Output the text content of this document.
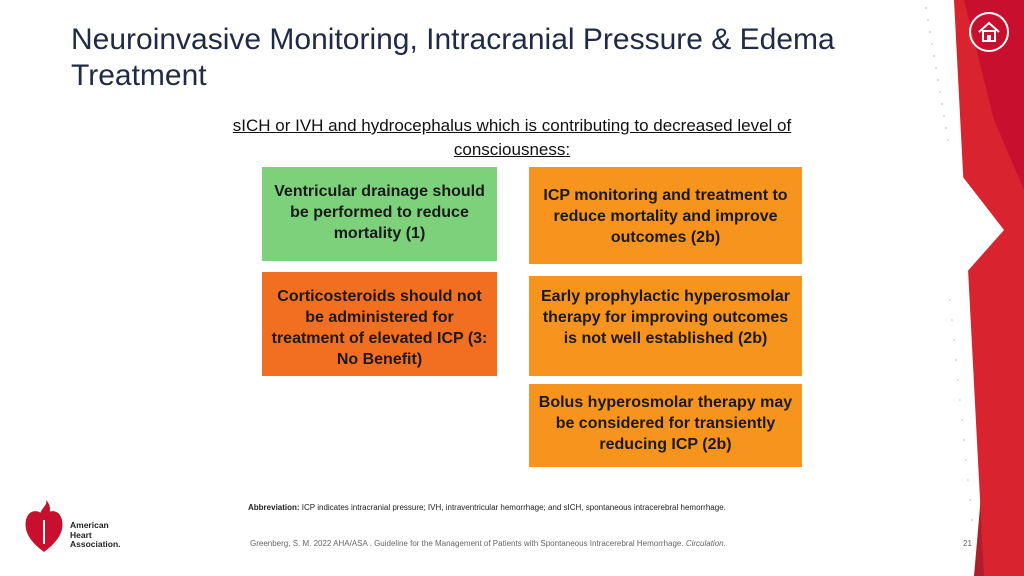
Neuroinvasive Monitoring, Intracranial Pressure & Edema Treatment
sICH or IVH and hydrocephalus which is contributing to decreased level of consciousness:
Ventricular drainage should be performed to reduce mortality (1)
ICP monitoring and treatment to reduce mortality and improve outcomes (2b)
Corticosteroids should not be administered for treatment of elevated ICP (3: No Benefit)
Early prophylactic hyperosmolar therapy for improving outcomes is not well established (2b)
Bolus hyperosmolar therapy may be considered for transiently reducing ICP (2b)
Abbreviation: ICP indicates intracranial pressure; IVH, intraventricular hemorrhage; and sICH, spontaneous intracerebral hemorrhage.
American
Heart
Association.	Greenberg, S. M. 2022 AHA/ASA . Guideline for the Management of Patients with Spontaneous Intracerebral Hemorrhage. Circulation.	21
